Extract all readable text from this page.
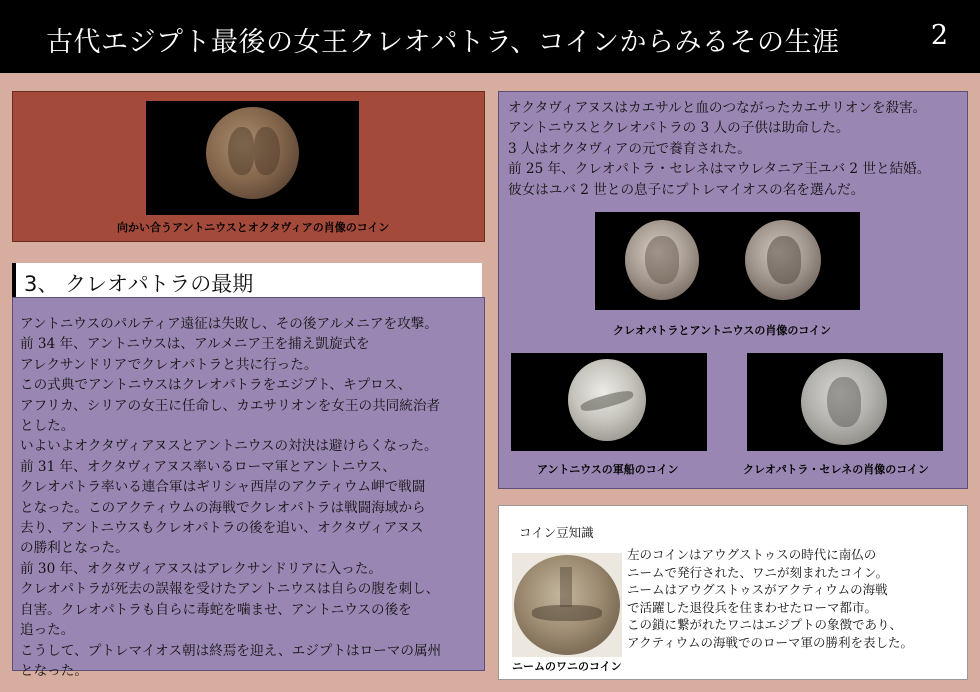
古代エジプト最後の女王クレオパトラ、コインからみるその生涯	2
向かい合うアントニウスとオクタヴィアの肖像のコイン
3、 クレオパトラの最期

アントニウスのパルティア遠征は失敗し、その後アルメニアを攻撃。
前 34 年、アントニウスは、アルメニア王を捕え凱旋式を
アレクサンドリアでクレオパトラと共に行った。
この式典でアントニウスはクレオパトラをエジプト、キプロス、
アフリカ、シリアの女王に任命し、カエサリオンを女王の共同統治者
とした。
いよいよオクタヴィアヌスとアントニウスの対決は避けらくなった。
前 31 年、オクタヴィアヌス率いるローマ軍とアントニウス、
クレオパトラ率いる連合軍はギリシャ西岸のアクティウム岬で戦闘
となった。このアクティウムの海戦でクレオパトラは戦闘海域から
去り、アントニウスもクレオパトラの後を追い、オクタヴィアヌス
の勝利となった。
前 30 年、オクタヴィアヌスはアレクサンドリアに入った。
クレオパトラが死去の誤報を受けたアントニウスは自らの腹を刺し、
自害。クレオパトラも自らに毒蛇を噛ませ、アントニウスの後を
追った。
こうして、プトレマイオス朝は終焉を迎え、エジプトはローマの属州
となった。

オクタヴィアヌスはカエサルと血のつながったカエサリオンを殺害。
アントニウスとクレオパトラの 3 人の子供は助命した。
3 人はオクタヴィアの元で養育された。
前 25 年、クレオパトラ・セレネはマウレタニア王ユバ 2 世と結婚。
彼女はユバ 2 世との息子にプトレマイオスの名を選んだ。

クレオパトラとアントニウスの肖像のコイン
アントニウスの軍船のコイン	クレオパトラ・セレネの肖像のコイン
コイン豆知識
ニームのワニのコイン

左のコインはアウグストゥスの時代に南仏の
ニームで発行された、ワニが刻まれたコイン。
ニームはアウグストゥスがアクティウムの海戦
で活躍した退役兵を住まわせたローマ都市。
この鎖に繋がれたワニはエジプトの象徴であり、
アクティウムの海戦でのローマ軍の勝利を表した。
